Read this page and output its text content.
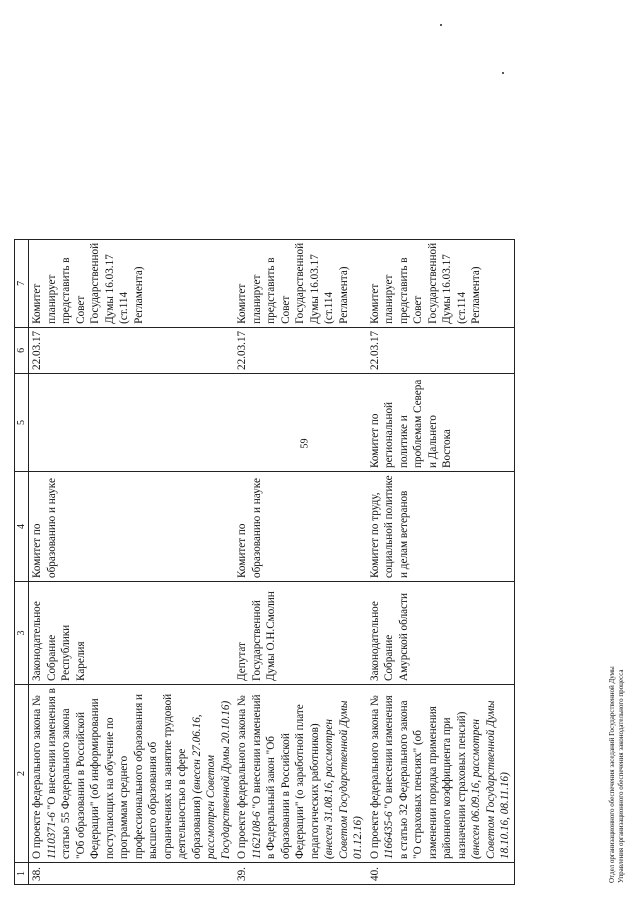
59
1	2	3	4	5	6	7
38.	О проекте федерального закона № 1110371-6 "О внесении изменения в статью 55 Федерального закона "Об образовании в Российской Федерации" (об информировании поступающих на обучение по программам среднего профессионального образования и высшего образования об ограничениях на занятие трудовой деятельностью в сфере образования) (внесен 27.06.16, рассмотрен Советом Государственной Думы 20.10.16)	Законодательное Собрание Республики Карелия	Комитет по образованию и науке		22.03.17	Комитет планирует представить в Совет Государственной Думы 16.03.17 (ст.114 Регламента)
39.	О проекте федерального закона № 1162108-6 "О внесении изменений в Федеральный закон "Об образовании в Российской Федерации" (о заработной плате педагогических работников) (внесен 31.08.16, рассмотрен Советом Государственной Думы 01.12.16)	Депутат Государственной Думы О.Н.Смолин	Комитет по образованию и науке		22.03.17	Комитет планирует представить в Совет Государственной Думы 16.03.17 (ст.114 Регламента)
40.	О проекте федерального закона № 1166435-6 "О внесении изменения в статью 32 Федерального закона "О страховых пенсиях" (об изменении порядка применения районного коэффициента при назначении страховых пенсий) (внесен 06.09.16, рассмотрен Советом Государственной Думы 18.10.16, 08.11.16)	Законодательное Собрание Амурской области	Комитет по труду, социальной политике и делам ветеранов	Комитет по региональной политике и проблемам Севера и Дальнего Востока	22.03.17	Комитет планирует представить в Совет Государственной Думы 16.03.17 (ст.114 Регламента)
Отдел организационного обеспечения заседаний Государственной Думы Управления организационного обеспечения законодательного процесса
